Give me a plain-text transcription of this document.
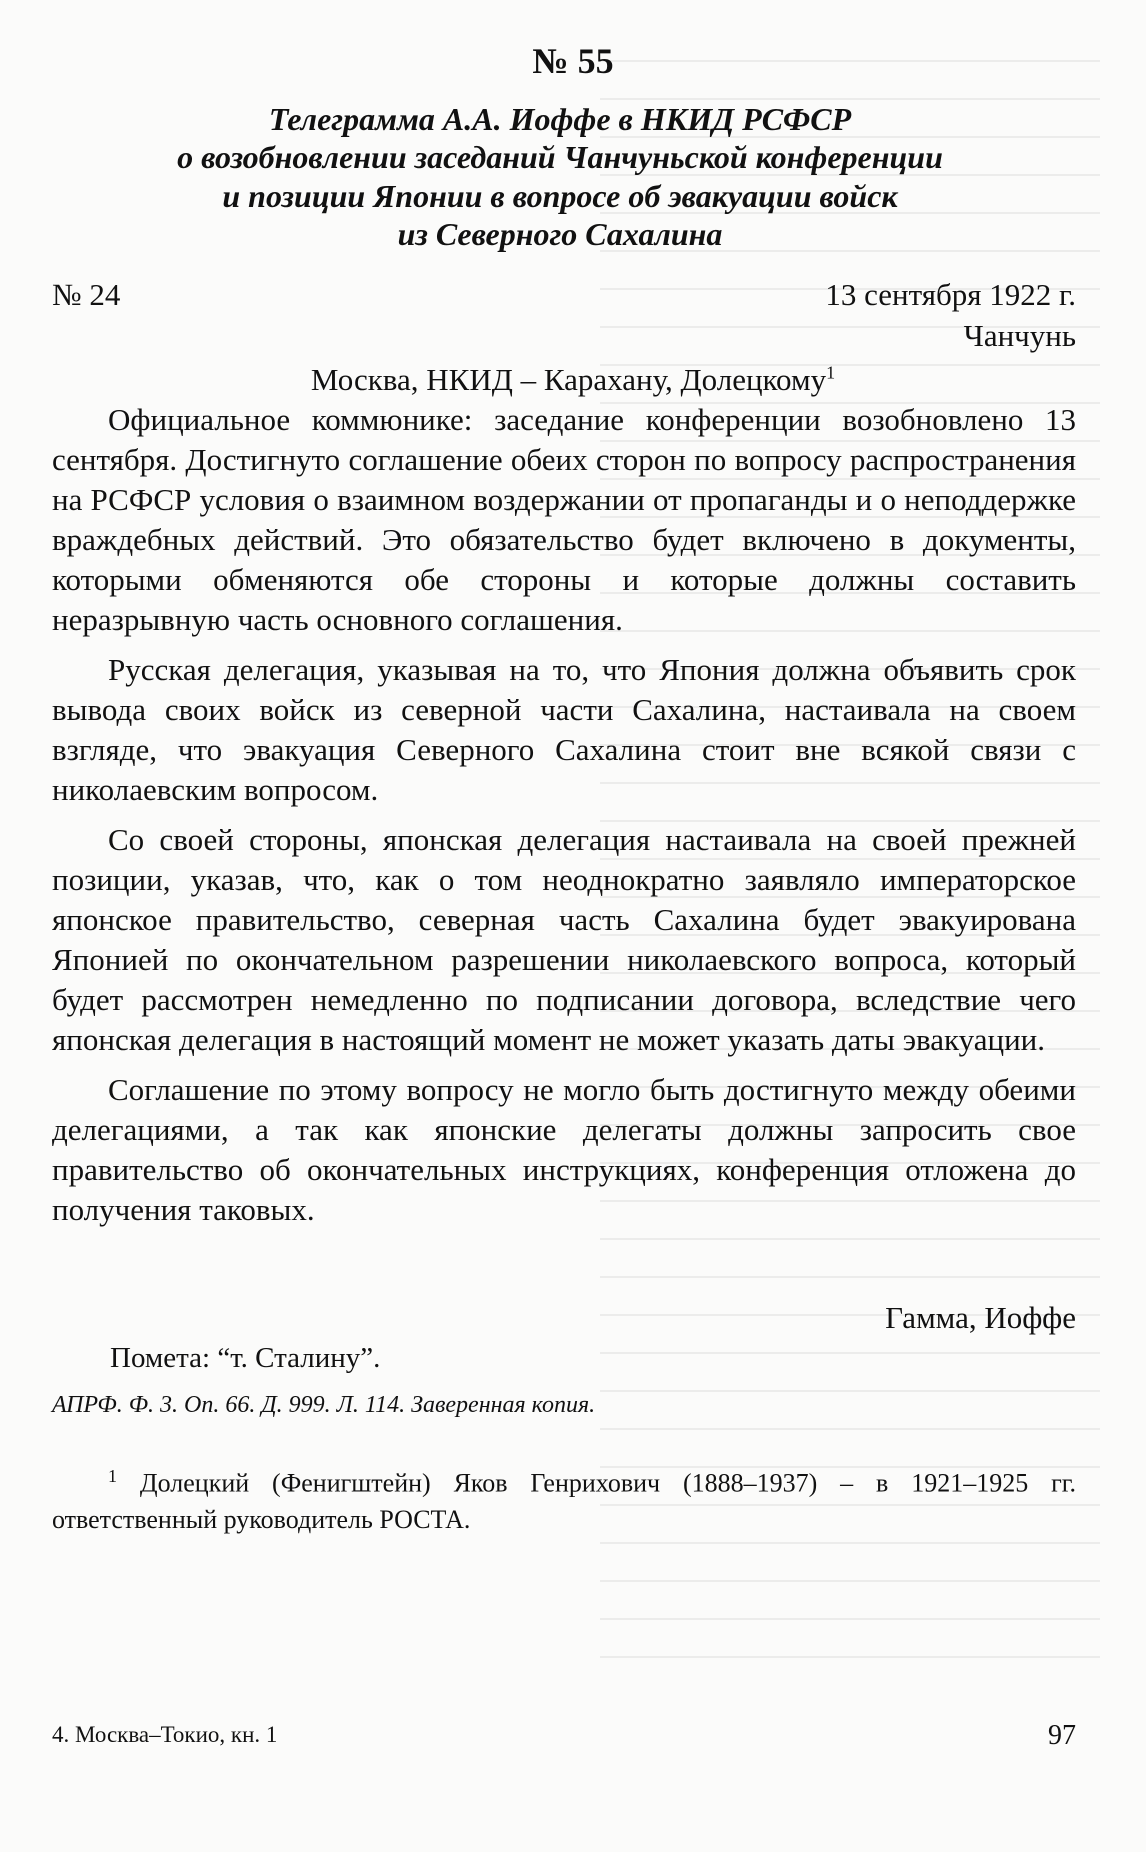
№ 55
Телеграмма А.А. Иоффе в НКИД РСФСР
о возобновлении заседаний Чанчуньской конференции
и позиции Японии в вопросе об эвакуации войск
из Северного Сахалина
№ 24	13 сентября 1922 г.
Чанчунь
Москва, НКИД – Карахану, Долецкому$^1$

Официальное коммюнике: заседание конференции возобновлено 13 сентября. Достигнуто соглашение обеих сторон по вопросу распространения на РСФСР условия о взаимном воздержании от пропаганды и о неподдержке враждебных действий. Это обязательство будет включено в документы, которыми обменяются обе стороны и которые должны составить неразрывную часть основного соглашения.

Русская делегация, указывая на то, что Япония должна объявить срок вывода своих войск из северной части Сахалина, настаивала на своем взгляде, что эвакуация Северного Сахалина стоит вне всякой связи с николаевским вопросом.

Со своей стороны, японская делегация настаивала на своей прежней позиции, указав, что, как о том неоднократно заявляло императорское японское правительство, северная часть Сахалина будет эвакуирована Японией по окончательном разрешении николаевского вопроса, который будет рассмотрен немедленно по подписании договора, вследствие чего японская делегация в настоящий момент не может указать даты эвакуации.

Соглашение по этому вопросу не могло быть достигнуто между обеими делегациями, а так как японские делегаты должны запросить свое правительство об окончательных инструкциях, конференция отложена до получения таковых.

Гамма, Иоффе
Помета: “т. Сталину”.
АПРФ. Ф. 3. Оп. 66. Д. 999. Л. 114. Заверенная копия.
$^1$ Долецкий (Фенигштейн) Яков Генрихович (1888–1937) – в 1921–1925 гг. ответственный руководитель РОСТА.
4. Москва–Токио, кн. 1	97
